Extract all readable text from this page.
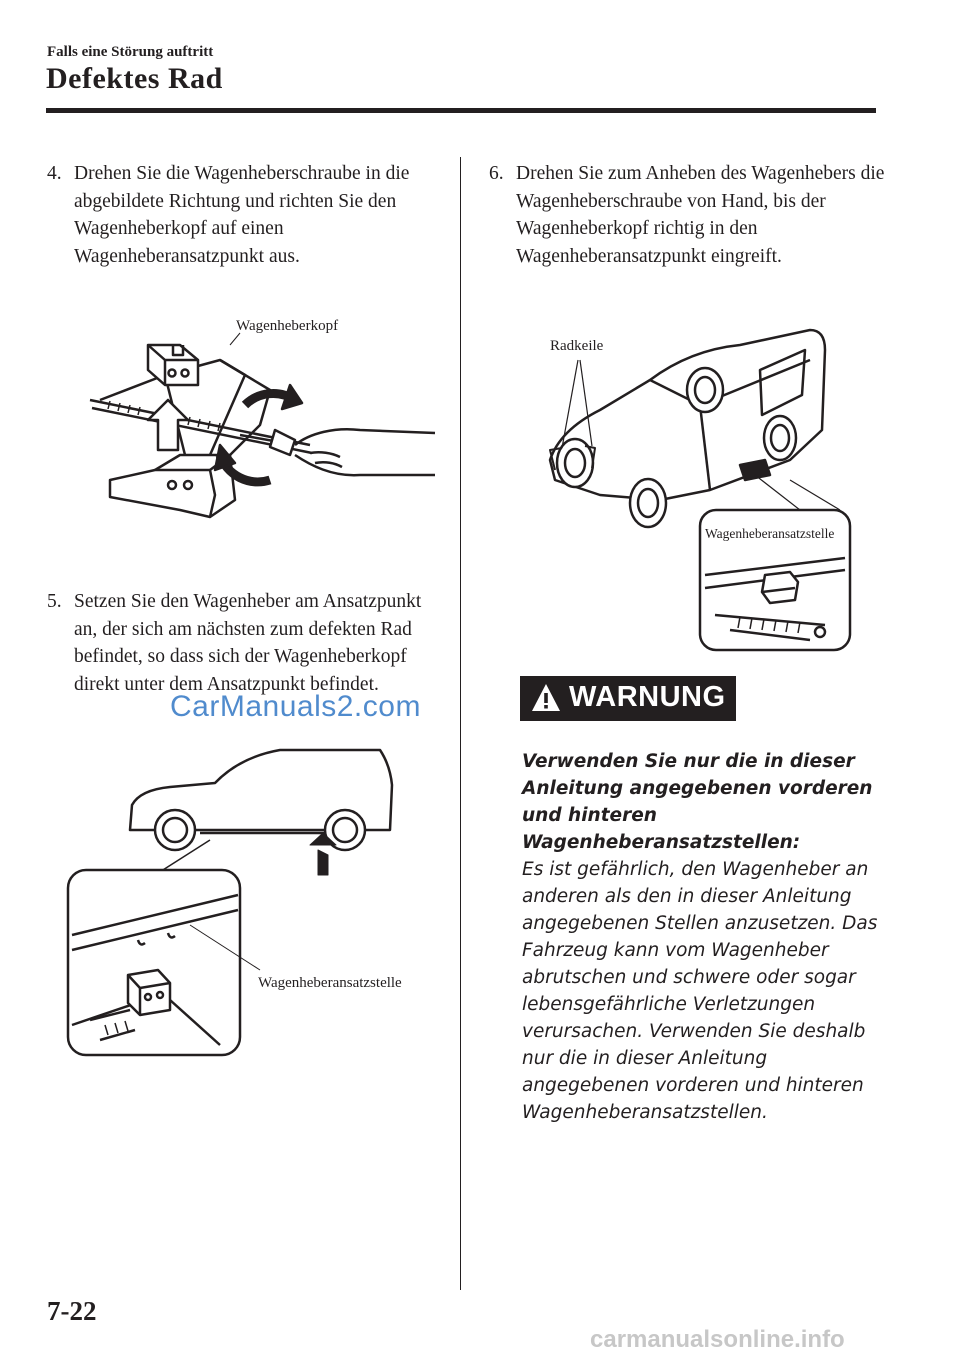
Falls eine Störung auftritt
Defektes Rad
4. Drehen Sie die Wagenheberschraube in die abgebildete Richtung und richten Sie den Wagenheberkopf auf einen Wagenheberansatzpunkt aus.
Wagenheberkopf
5. Setzen Sie den Wagenheber am Ansatzpunkt an, der sich am nächsten zum defekten Rad befindet, so dass sich der Wagenheberkopf direkt unter dem Ansatzpunkt befindet.
Wagenheberansatzstelle
6. Drehen Sie zum Anheben des Wagenhebers die Wagenheberschraube von Hand, bis der Wagenheberkopf richtig in den Wagenheberansatzpunkt eingreift.
Radkeile
Wagenheberansatzstelle
WARNUNG
Verwenden Sie nur die in dieser Anleitung angegebenen vorderen und hinteren Wagenheberansatzstellen:
Es ist gefährlich, den Wagenheber an anderen als den in dieser Anleitung angegebenen Stellen anzusetzen. Das Fahrzeug kann vom Wagenheber abrutschen und schwere oder sogar lebensgefährliche Verletzungen verursachen. Verwenden Sie deshalb nur die in dieser Anleitung angegebenen vorderen und hinteren Wagenheberansatzstellen.
7-22
CarManuals2.com
carmanualsonline.info
